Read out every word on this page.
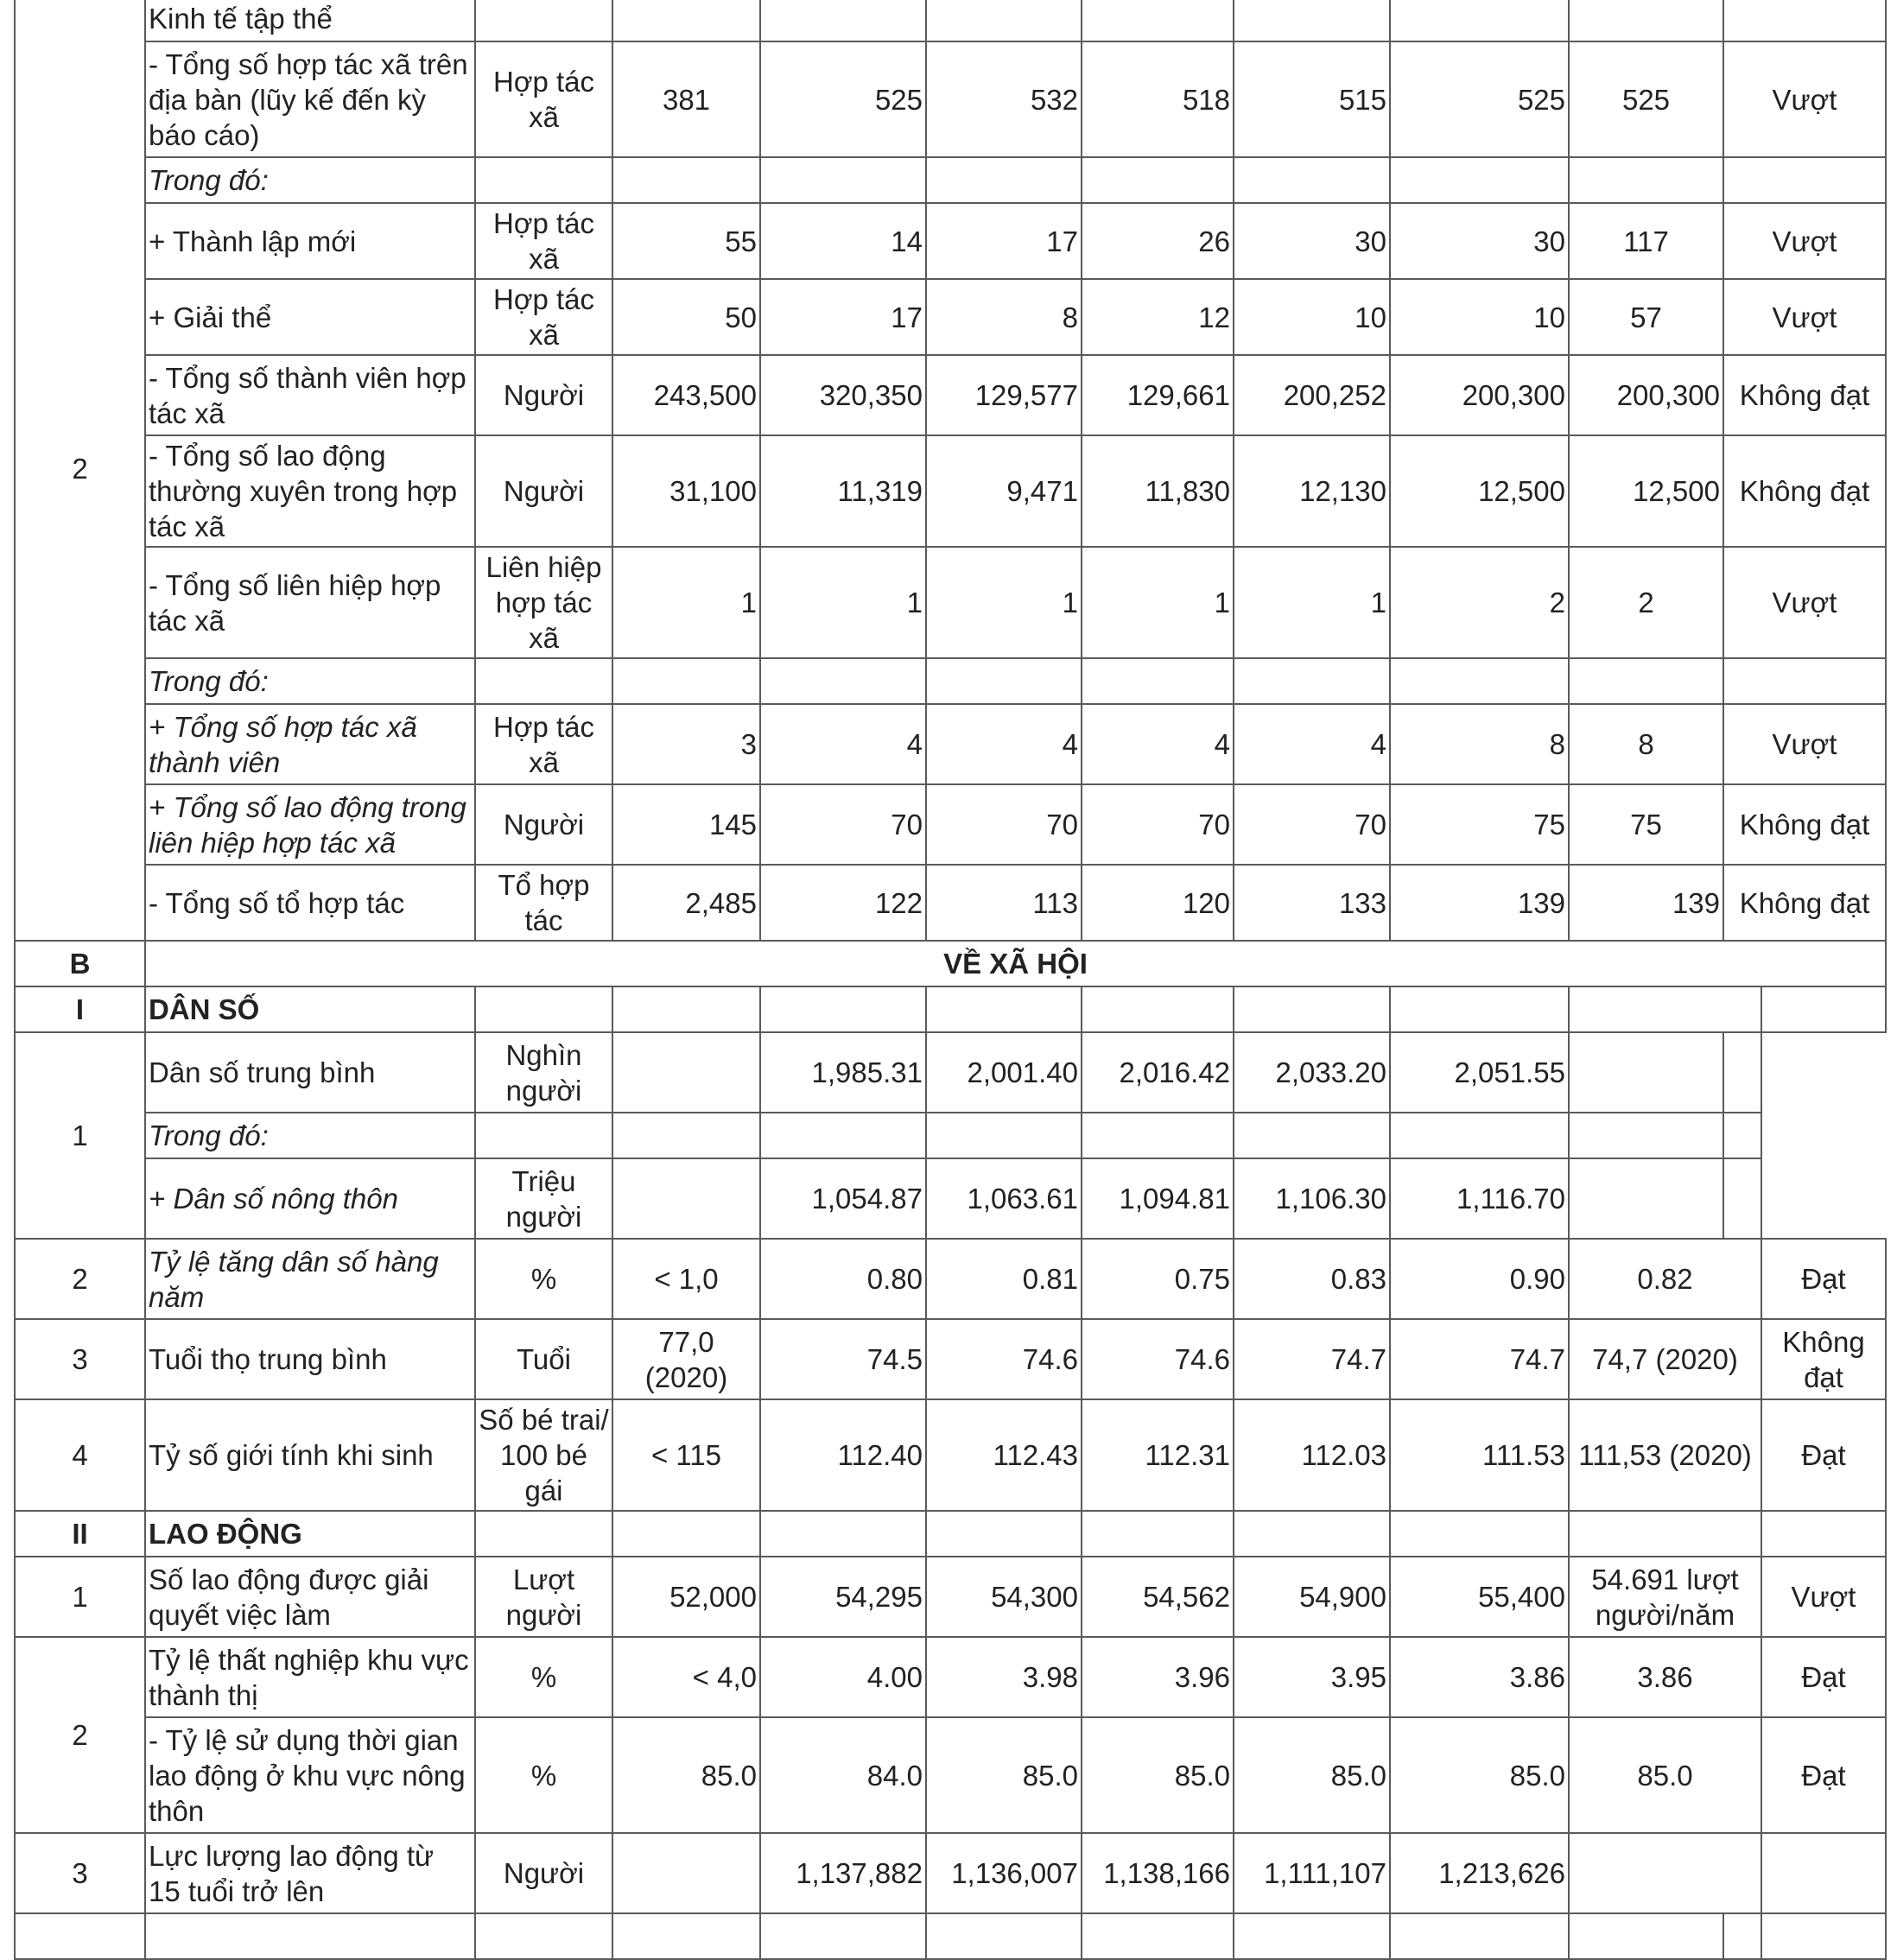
2	Kinh tế tập thể										
	- Tổng số hợp tác xã trên địa bàn (lũy kế đến kỳ báo cáo)	Hợp tác xã	381	525	532	518	515	525	525	Vượt	
	Trong đó:										
	+ Thành lập mới	Hợp tác xã	55	14	17	26	30	30	117	Vượt	
	+ Giải thể	Hợp tác xã	50	17	8	12	10	10	57	Vượt	
	- Tổng số thành viên hợp tác xã	Người	243,500	320,350	129,577	129,661	200,252	200,300	200,300	Không đạt	
	- Tổng số lao động thường xuyên trong hợp tác xã	Người	31,100	11,319	9,471	11,830	12,130	12,500	12,500	Không đạt	
	- Tổng số liên hiệp hợp tác xã	Liên hiệp hợp tác xã	1	1	1	1	1	2	2	Vượt	
	Trong đó:										
	+ Tổng số hợp tác xã thành viên	Hợp tác xã	3	4	4	4	4	8	8	Vượt	
	+ Tổng số lao động trong liên hiệp hợp tác xã	Người	145	70	70	70	70	75	75	Không đạt	
	- Tổng số tổ hợp tác	Tổ hợp tác	2,485	122	113	120	133	139	139	Không đạt	
B	VỀ XÃ HỘI										
I	DÂN SỐ										
1	Dân số trung bình	Nghìn người		1,985.31	2,001.40	2,016.42	2,033.20	2,051.55			
	Trong đó:										
	+ Dân số nông thôn	Triệu người		1,054.87	1,063.61	1,094.81	1,106.30	1,116.70			
2	Tỷ lệ tăng dân số hàng năm	%	< 1,0	0.80	0.81	0.75	0.83	0.90	0.82		Đạt
3	Tuổi thọ trung bình	Tuổi	77,0 (2020)	74.5	74.6	74.6	74.7	74.7	74,7 (2020)		Không đạt
4	Tỷ số giới tính khi sinh	Số bé trai/ 100 bé gái	< 115	112.40	112.43	112.31	112.03	111.53	111,53 (2020)		Đạt
II	LAO ĐỘNG										
1	Số lao động được giải quyết việc làm	Lượt người	52,000	54,295	54,300	54,562	54,900	55,400	54.691 lượt người/năm		Vượt
2	Tỷ lệ thất nghiệp khu vực thành thị	%	< 4,0	4.00	3.98	3.96	3.95	3.86	3.86		Đạt
	- Tỷ lệ sử dụng thời gian lao động ở khu vực nông thôn	%	85.0	84.0	85.0	85.0	85.0	85.0	85.0		Đạt
3	Lực lượng lao động từ 15 tuổi trở lên	Người		1,137,882	1,136,007	1,138,166	1,111,107	1,213,626			
